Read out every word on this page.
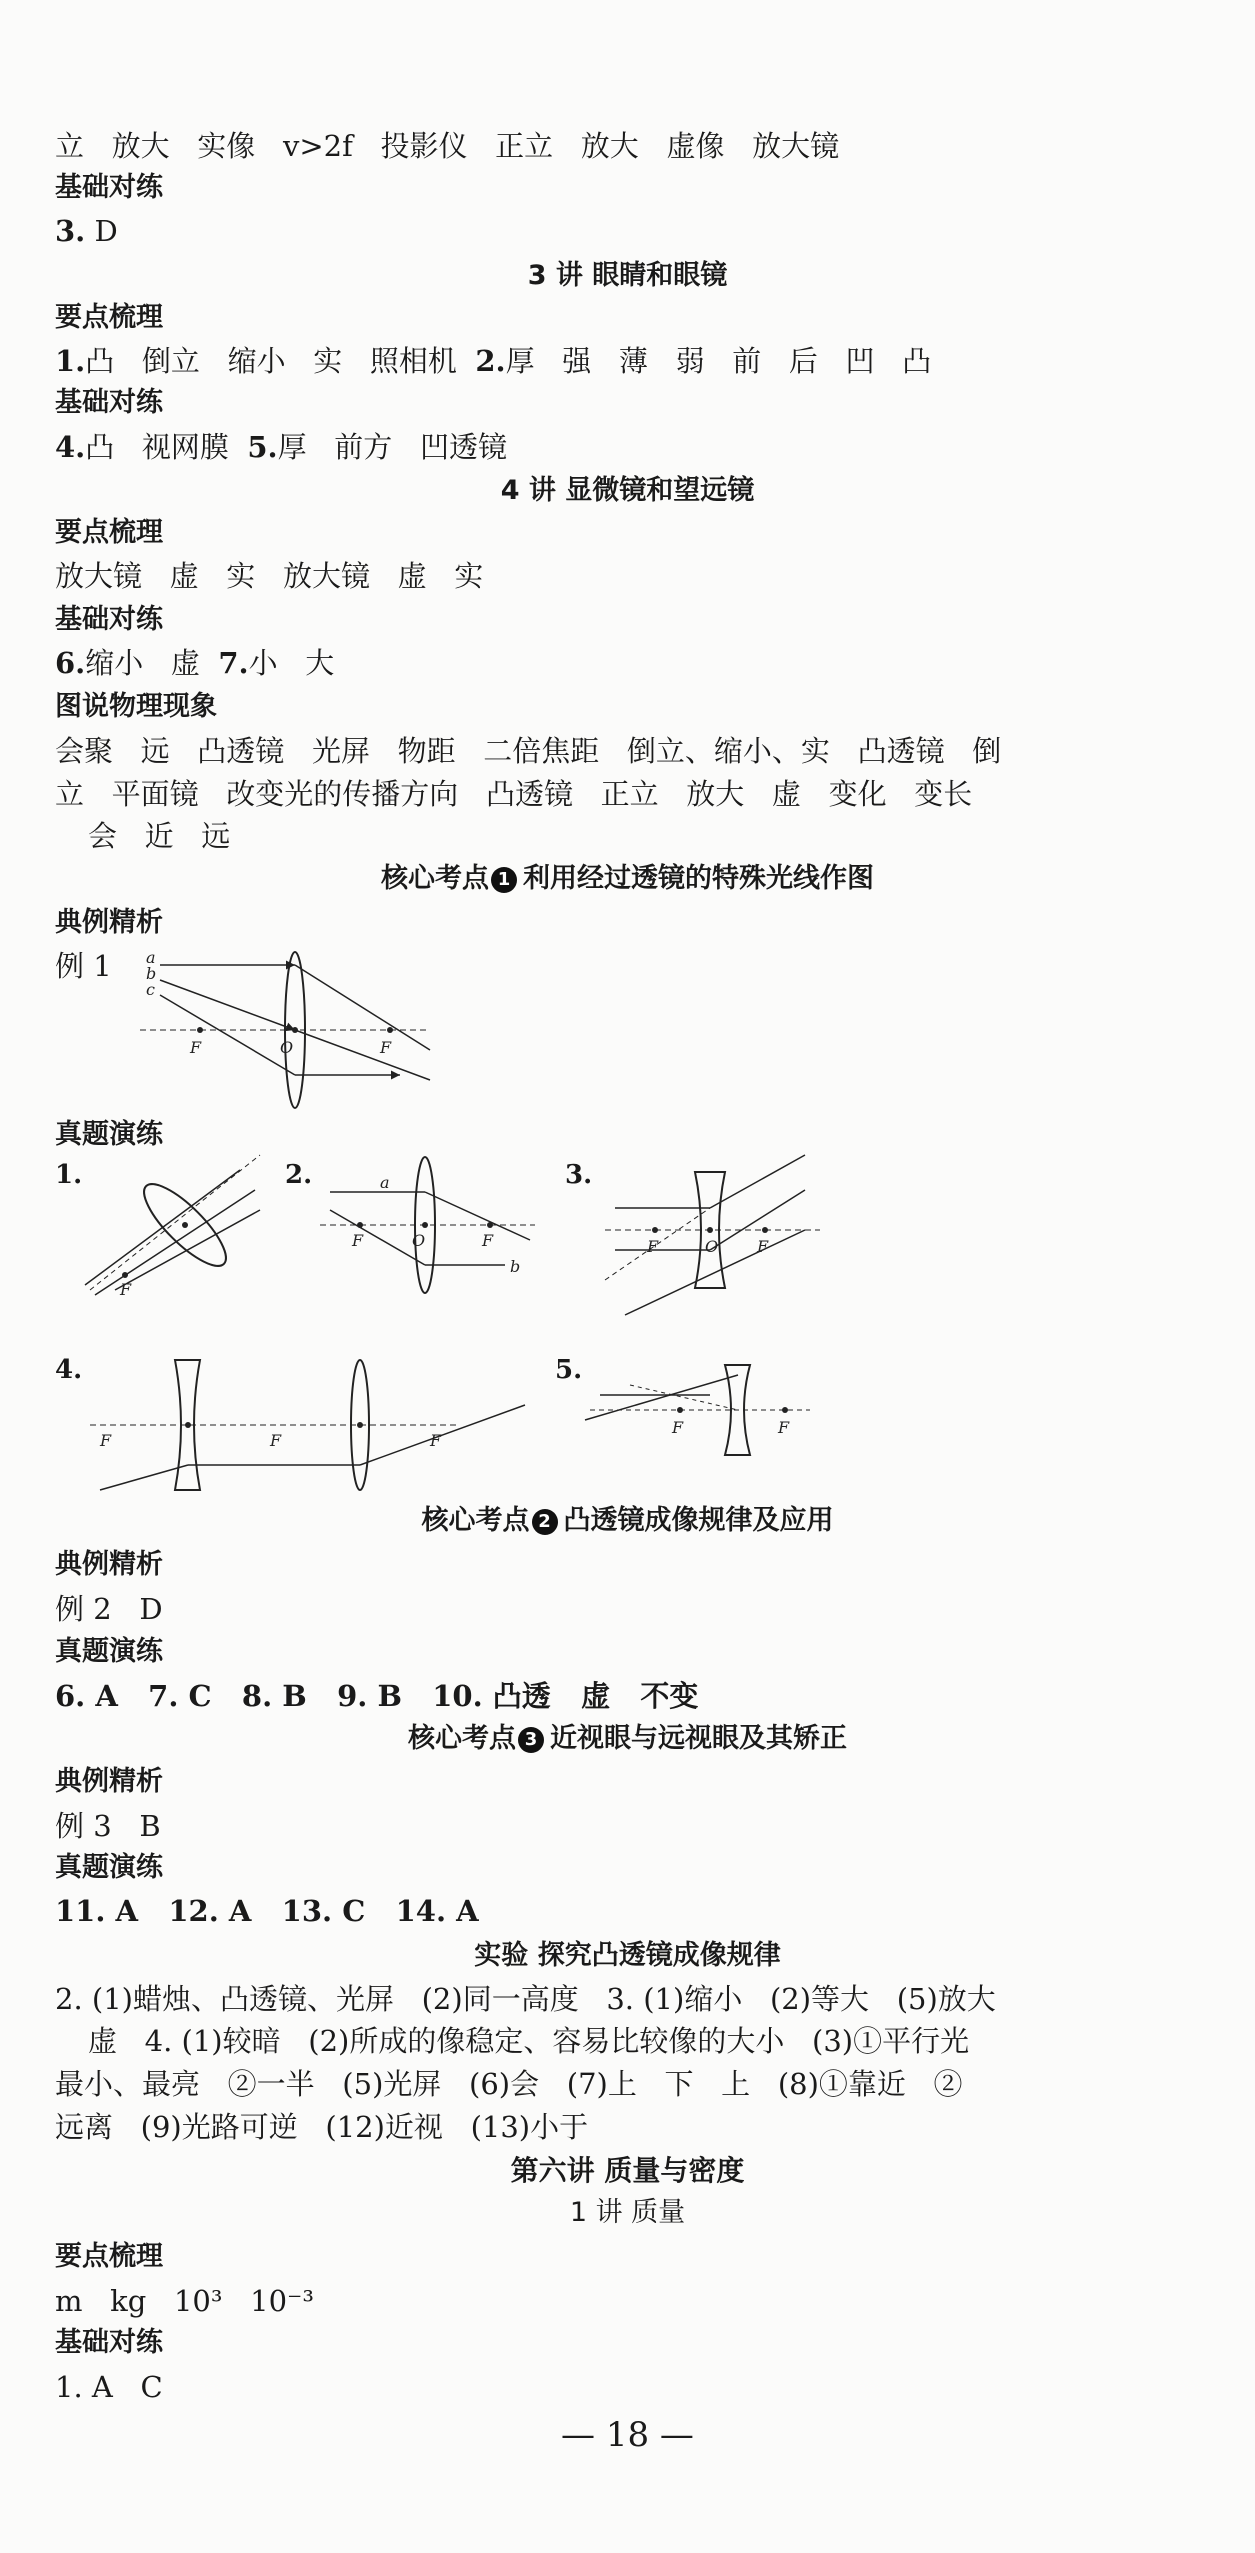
立   放大   实像   v>2f   投影仪   正立   放大   虚像   放大镜
基础对练
3. D
3 讲 眼睛和眼镜
要点梳理
1.凸   倒立   缩小   实   照相机  2.厚   强   薄   弱   前   后   凹   凸
基础对练
4.凸   视网膜  5.厚   前方   凹透镜
4 讲 显微镜和望远镜
要点梳理
放大镜   虚   实   放大镜   虚   实
基础对练
6.缩小   虚  7.小   大
图说物理现象
会聚   远   凸透镜   光屏   物距   二倍焦距   倒立、缩小、实   凸透镜   倒
立   平面镜   改变光的传播方向   凸透镜   正立   放大   虚   变化   变长
会   近   远
核心考点 1 利用经过透镜的特殊光线作图
典例精析
例 1 a
b
c
F	O	F
真题演练
1.
F
2.	a
b
F	O	F
3.
F	O F
4.
F	F	F
5.
F	F
核心考点 2 凸透镜成像规律及应用
典例精析
例 2   D
真题演练
6. A   7. C   8. B   9. B   10. 凸透   虚   不变
核心考点 3 近视眼与远视眼及其矫正
典例精析
例 3   B
真题演练
11. A   12. A   13. C   14. A
实验 探究凸透镜成像规律
2. (1)蜡烛、凸透镜、光屏   (2)同一高度   3. (1)缩小   (2)等大   (5)放大
虚   4. (1)较暗   (2)所成的像稳定、容易比较像的大小   (3)①平行光
最小、最亮   ②一半   (5)光屏   (6)会   (7)上   下   上   (8)①靠近   ②
远离   (9)光路可逆   (12)近视   (13)小于
第六讲 质量与密度
1 讲 质量
要点梳理
m   kg   10³   10⁻³
基础对练
1. A   C
— 18 —
